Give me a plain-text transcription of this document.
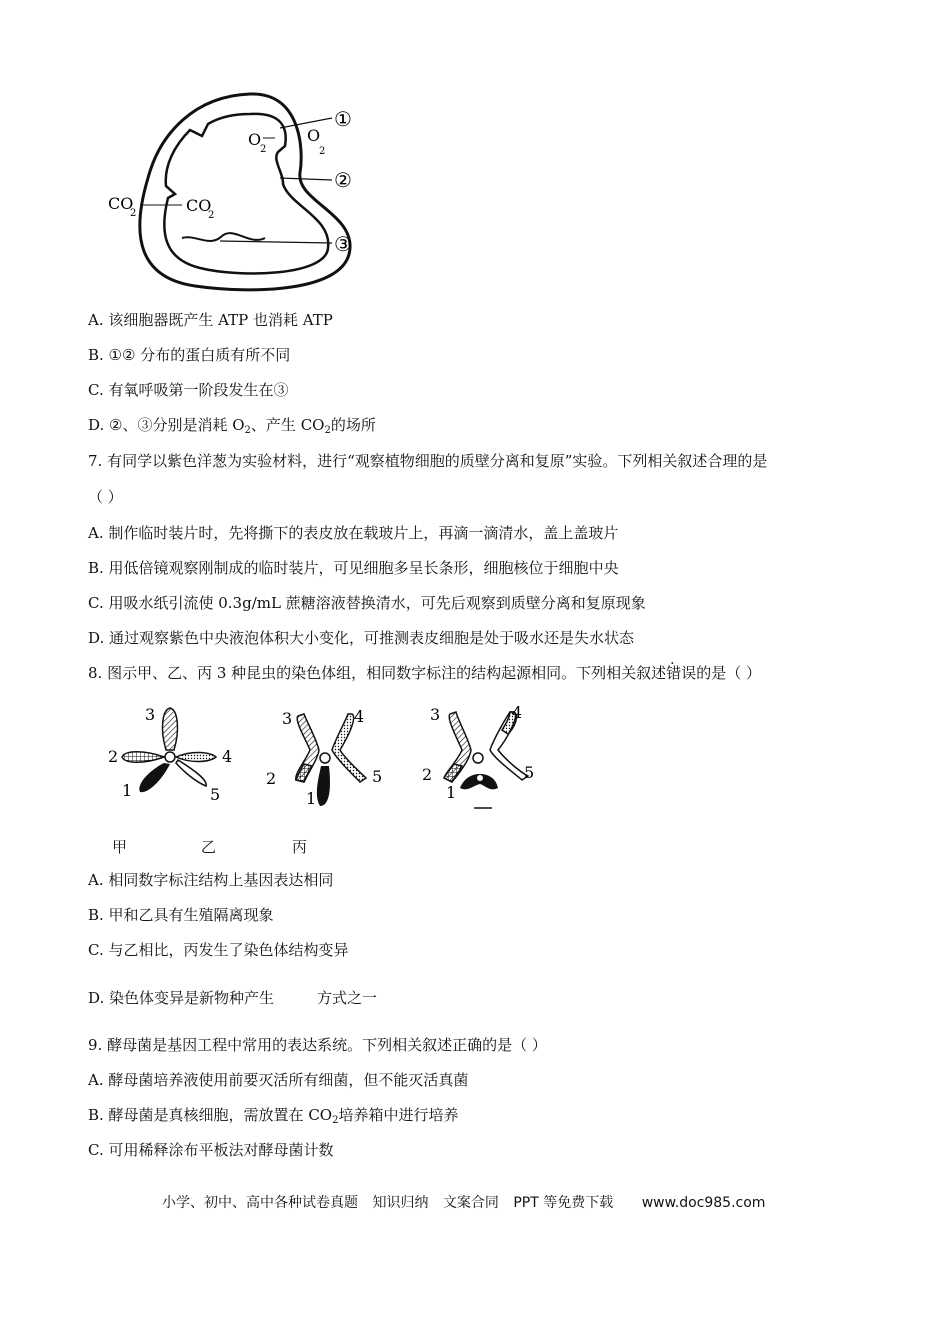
O
2
O
2
CO
2	CO
2
①
②
③
A. 该细胞器既产生 ATP 也消耗 ATP
B. ①② 分布的蛋白质有所不同
C. 有氧呼吸第一阶段发生在③
D. ②、③分别是消耗 $O_2$、产生 $CO_2$的场所
7. 有同学以紫色洋葱为实验材料，进行“观察植物细胞的质壁分离和复原”实验。下列相关叙述合理的是
（ ）
A. 制作临时装片时，先将撕下的表皮放在载玻片上，再滴一滴清水，盖上盖玻片
B. 用低倍镜观察刚制成的临时装片，可见细胞多呈长条形，细胞核位于细胞中央
C. 用吸水纸引流使 0.3g/mL 蔗糖溶液替换清水，可先后观察到质壁分离和复原现象
D. 通过观察紫色中央液泡体积大小变化，可推测表皮细胞是处于吸水还是失水状态
8. 图示甲、乙、丙 3 种昆虫的染色体组，相同数字标注的结构起源相同。下列相关叙述错误的是（ ）
3
2	4
1	5
3	4
2	5
1
3	4
2	5
1
甲	乙	丙
A. 相同数字标注结构上基因表达相同
B. 甲和乙具有生殖隔离现象
C. 与乙相比，丙发生了染色体结构变异
D. 染色体变异是新物种产生         方式之一
9. 酵母菌是基因工程中常用的表达系统。下列相关叙述正确的是（ ）
A. 酵母菌培养液使用前要灭活所有细菌，但不能灭活真菌
B. 酵母菌是真核细胞，需放置在 $CO_2$培养箱中进行培养
C. 可用稀释涂布平板法对酵母菌计数
小学、初中、高中各种试卷真题 知识归纳 文案合同 PPT 等免费下载 www.doc985.com
